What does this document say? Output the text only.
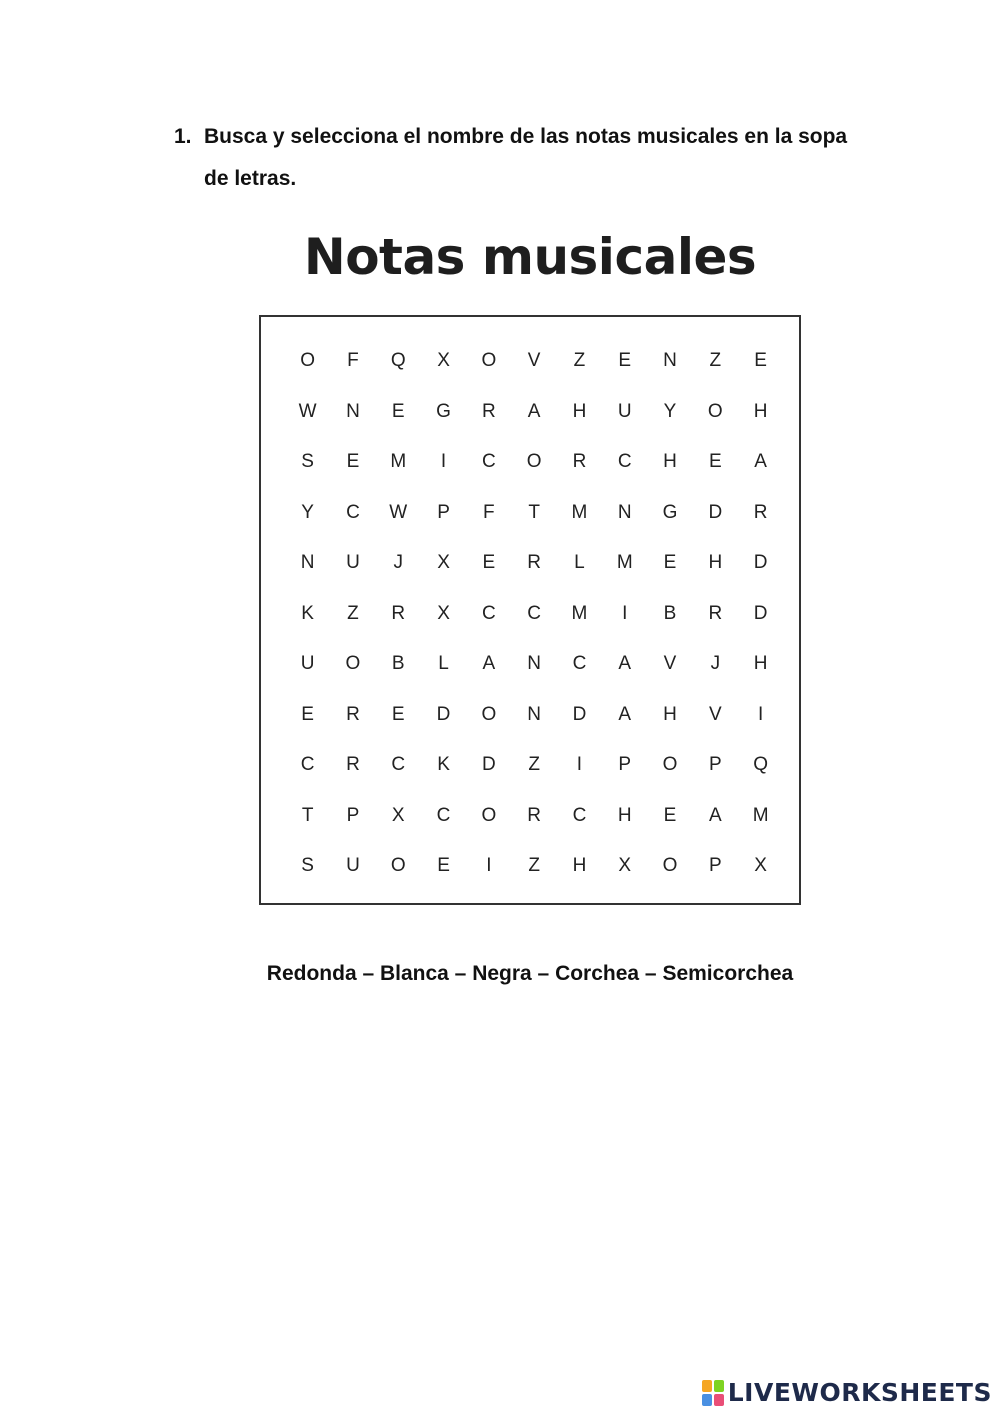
1. Busca y selecciona el nombre de las notas musicales en la sopa de letras.
Notas musicales
O	F	Q	X	O	V	Z	E	N	Z	E
W	N	E	G	R	A	H	U	Y	O	H
S	E	M	I	C	O	R	C	H	E	A
Y	C	W	P	F	T	M	N	G	D	R
N	U	J	X	E	R	L	M	E	H	D
K	Z	R	X	C	C	M	I	B	R	D
U	O	B	L	A	N	C	A	V	J	H
E	R	E	D	O	N	D	A	H	V	I
C	R	C	K	D	Z	I	P	O	P	Q
T	P	X	C	O	R	C	H	E	A	M
S	U	O	E	I	Z	H	X	O	P	X
Redonda – Blanca – Negra – Corchea – Semicorchea
LIVEWORKSHEETS
